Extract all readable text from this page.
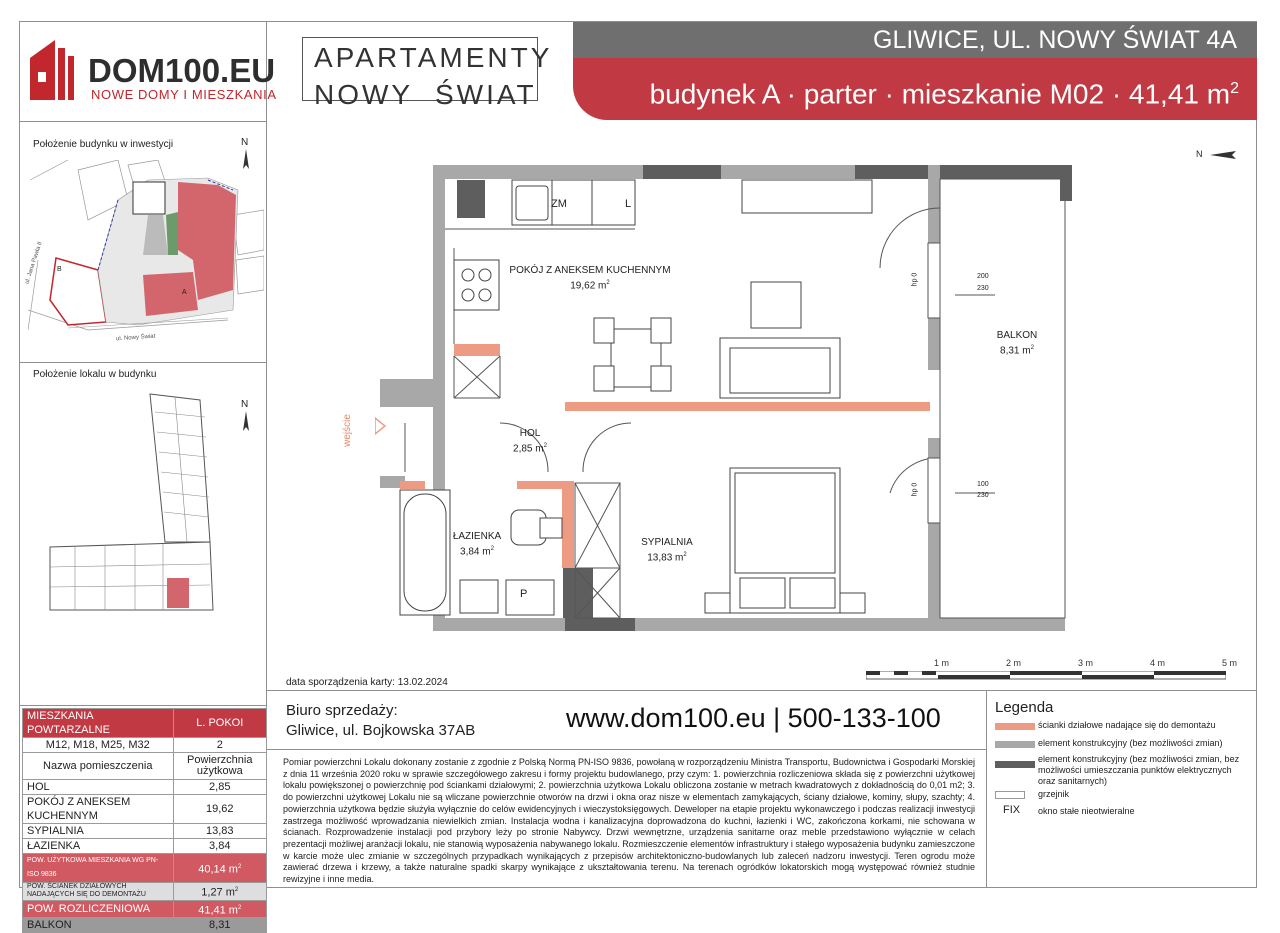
DOM100.EU
NOWE DOMY I MIESZKANIA
APARTAMENTY
NOWY ŚWIAT
GLIWICE, UL. NOWY ŚWIAT 4A
budynek A · parter · mieszkanie M02 · 41,41 $m^2$
Położenie budynku w inwestycji	N
B
A
ul. Nowy Świat
ul. Jana Pawła II
Położenie lokalu w budynku
N
N
wejście
ZM	L
P
POKÓJ Z ANEKSEM KUCHENNYM
19,62 $m^2$
HOL
2,85 $m^2$
ŁAZIENKA
3,84 $m^2$
SYPIALNIA
13,83 $m^2$
BALKON
8,31 $m^2$
hp 0	200
230
hp 0	100
230
1 m	2 m	3 m	4 m	5 m
data sporządzenia karty: 13.02.2024
Biuro sprzedaży:
Gliwice, ul. Bojkowska 37AB	www.dom100.eu | 500-133-100
Pomiar powierzchni Lokalu dokonany zostanie z zgodnie z Polską Normą PN-ISO 9836, powołaną w rozporządzeniu Ministra Transportu, Budownictwa i Gospodarki Morskiej z dnia 11 września 2020 roku w sprawie szczegółowego zakresu i formy projektu budowlanego, przy czym: 1. powierzchnia rozliczeniowa składa się z powierzchni użytkowej lokalu powiększonej o powierzchnię pod ściankami działowymi; 2. powierzchnia użytkowa Lokalu obliczona zostanie w metrach kwadratowych z dokładnością do 0,01 m2; 3. do powierzchni użytkowej Lokalu nie są wliczane powierzchnie otworów na drzwi i okna oraz nisze w elementach zamykających, ściany działowe, kominy, słupy, szachty; 4. powierzchnia użytkowa będzie służyła wyłącznie do celów ewidencyjnych i wieczystoksięgowych. Deweloper na etapie projektu wykonawczego i podczas realizacji inwestycji zastrzega możliwość wprowadzania niewielkich zmian. Instalacja wodna i kanalizacyjna doprowadzona do kuchni, łazienki i WC, zakończona korkami, nie schowana w ścianach. Rozprowadzenie instalacji pod przybory leży po stronie Nabywcy. Drzwi wewnętrzne, urządzenia sanitarne oraz meble przedstawiono wyłącznie w celach prezentacji możliwej aranżacji lokalu, nie stanowią wyposażenia nabywanego lokalu. Rozmieszczenie elementów infrastruktury i stałego wyposażenia budynku zamieszczone w karcie może ulec zmianie w szczególnych przypadkach wynikających z przepisów architektoniczno-budowlanych lub zaleceń nadzoru inwestycji. Teren ogrodu może zawierać drzewa i krzewy, a także naturalne spadki skarpy wynikające z ukształtowania terenu. Na terenach ogródków lokatorskich mogą występować również studnie rewizyjne i inne media.
Legenda
ścianki działowe nadające się do demontażu
element konstrukcyjny (bez możliwości zmian)
element konstrukcyjny (bez możliwości zmian, bez możliwości umieszczania punktów elektrycznych oraz sanitarnych)
grzejnik
FIX okno stałe nieotwieralne
MIESZKANIA POWTARZALNE	L. POKOI
M12, M18, M25, M32	2
Nazwa pomieszczenia	Powierzchnia użytkowa
HOL	2,85
POKÓJ Z ANEKSEM KUCHENNYM	19,62
SYPIALNIA	13,83
ŁAZIENKA	3,84
POW. UŻYTKOWA MIESZKANIA WG PN-ISO 9836	40,14 $m^2$
POW. ŚCIANEK DZIAŁOWYCH NADAJĄCYCH SIĘ DO DEMONTAŻU	1,27 $m^2$
POW. ROZLICZENIOWA	41,41 $m^2$
BALKON	8,31
